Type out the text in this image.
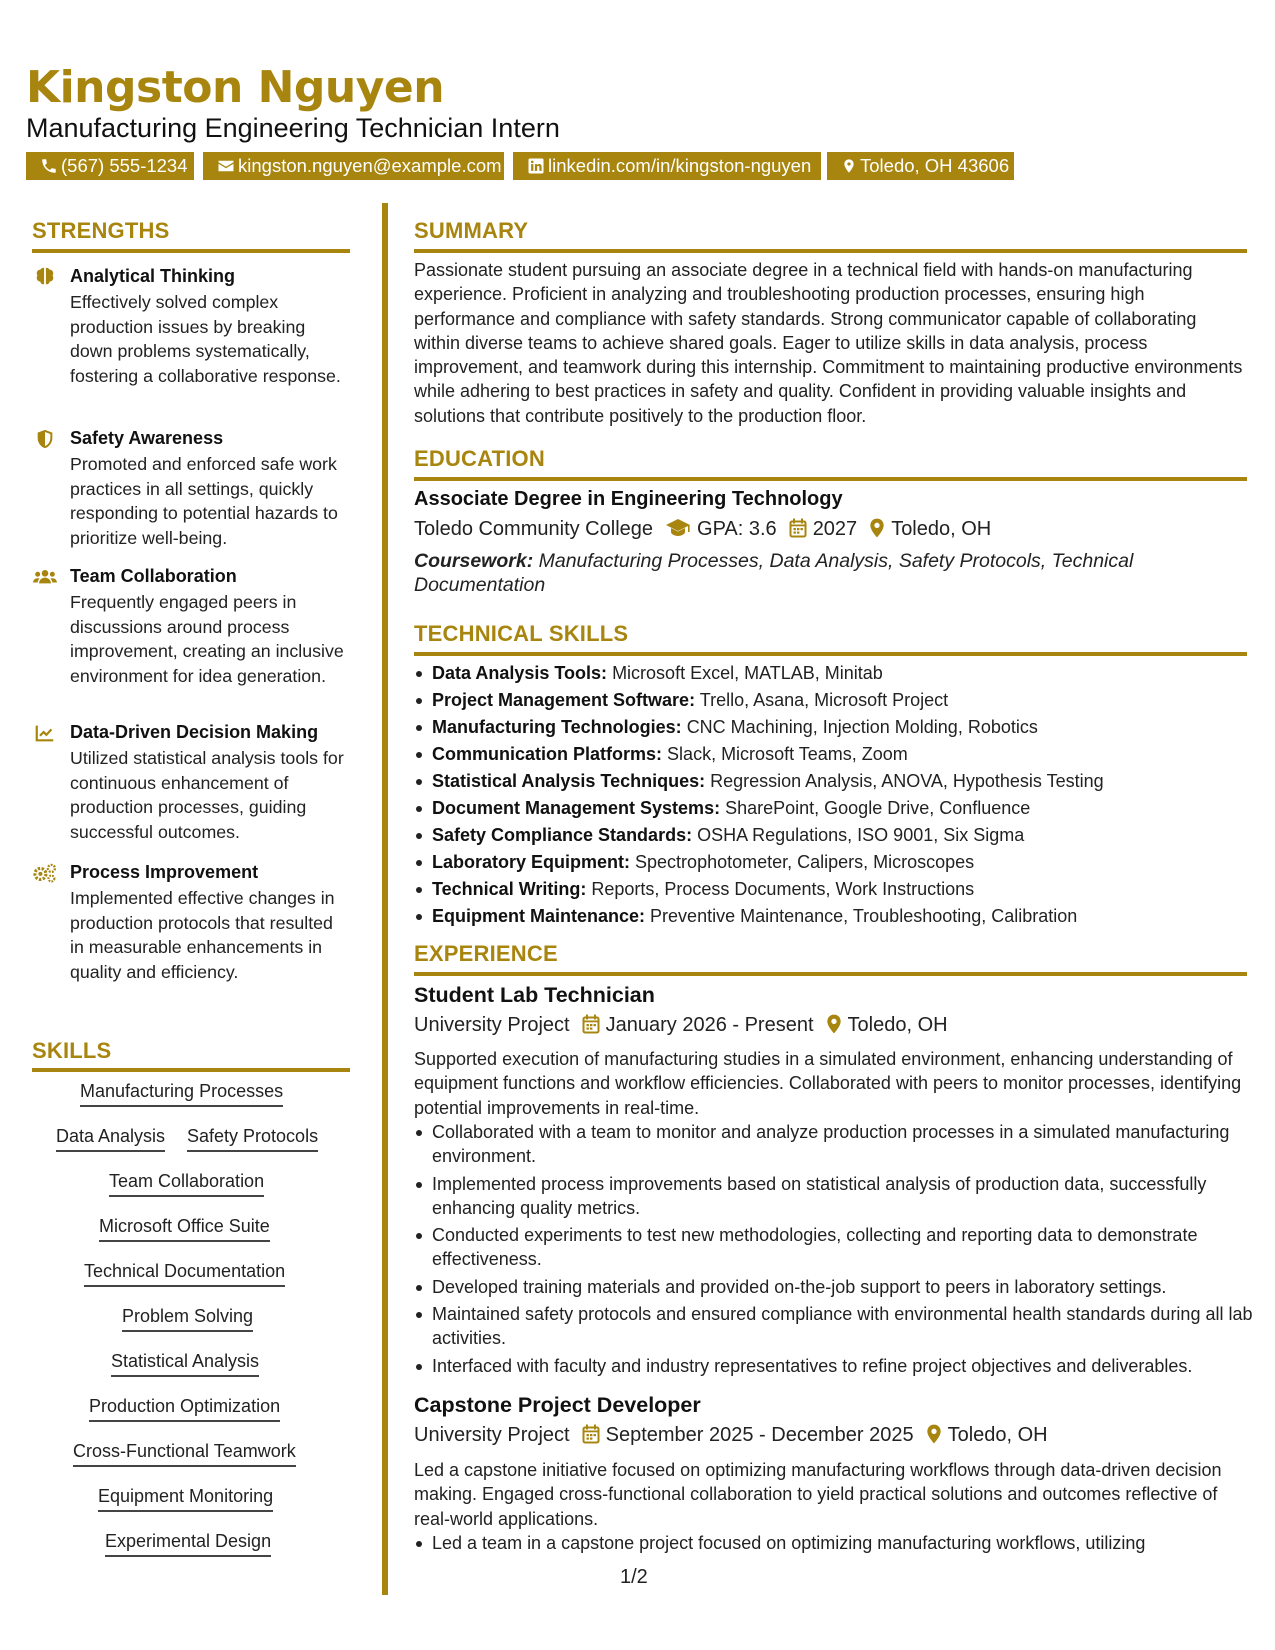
Kingston Nguyen
Manufacturing Engineering Technician Intern
(567) 555-1234	kingston.nguyen@example.com	linkedin.com/in/kingston-nguyen	Toledo, OH 43606
STRENGTHS
Analytical Thinking
Effectively solved complex production issues by breaking down problems systematically, fostering a collaborative response.
Safety Awareness
Promoted and enforced safe work practices in all settings, quickly responding to potential hazards to prioritize well-being.
Team Collaboration
Frequently engaged peers in discussions around process improvement, creating an inclusive environment for idea generation.
Data-Driven Decision Making
Utilized statistical analysis tools for continuous enhancement of production processes, guiding successful outcomes.
Process Improvement
Implemented effective changes in production protocols that resulted in measurable enhancements in quality and efficiency.
SKILLS
Manufacturing Processes
Data Analysis Safety Protocols
Team Collaboration
Microsoft Office Suite
Technical Documentation
Problem Solving
Statistical Analysis
Production Optimization
Cross-Functional Teamwork
Equipment Monitoring
Experimental Design
SUMMARY
Passionate student pursuing an associate degree in a technical field with hands-on manufacturing experience. Proficient in analyzing and troubleshooting production processes, ensuring high performance and compliance with safety standards. Strong communicator capable of collaborating within diverse teams to achieve shared goals. Eager to utilize skills in data analysis, process improvement, and teamwork during this internship. Commitment to maintaining productive environments while adhering to best practices in safety and quality. Confident in providing valuable insights and solutions that contribute positively to the production floor.
EDUCATION
Associate Degree in Engineering Technology
Toledo Community College GPA: 3.6 2027 Toledo, OH
Coursework: Manufacturing Processes, Data Analysis, Safety Protocols, Technical Documentation
TECHNICAL SKILLS
Data Analysis Tools: Microsoft Excel, MATLAB, Minitab
Project Management Software: Trello, Asana, Microsoft Project
Manufacturing Technologies: CNC Machining, Injection Molding, Robotics
Communication Platforms: Slack, Microsoft Teams, Zoom
Statistical Analysis Techniques: Regression Analysis, ANOVA, Hypothesis Testing
Document Management Systems: SharePoint, Google Drive, Confluence
Safety Compliance Standards: OSHA Regulations, ISO 9001, Six Sigma
Laboratory Equipment: Spectrophotometer, Calipers, Microscopes
Technical Writing: Reports, Process Documents, Work Instructions
Equipment Maintenance: Preventive Maintenance, Troubleshooting, Calibration
EXPERIENCE
Student Lab Technician
University Project January 2026 - Present Toledo, OH
Supported execution of manufacturing studies in a simulated environment, enhancing understanding of equipment functions and workflow efficiencies. Collaborated with peers to monitor processes, identifying potential improvements in real-time.
Collaborated with a team to monitor and analyze production processes in a simulated manufacturing environment.
Implemented process improvements based on statistical analysis of production data, successfully enhancing quality metrics.
Conducted experiments to test new methodologies, collecting and reporting data to demonstrate effectiveness.
Developed training materials and provided on-the-job support to peers in laboratory settings.
Maintained safety protocols and ensured compliance with environmental health standards during all lab activities.
Interfaced with faculty and industry representatives to refine project objectives and deliverables.
Capstone Project Developer
University Project September 2025 - December 2025 Toledo, OH
Led a capstone initiative focused on optimizing manufacturing workflows through data-driven decision making. Engaged cross-functional collaboration to yield practical solutions and outcomes reflective of real-world applications.
Led a team in a capstone project focused on optimizing manufacturing workflows, utilizing
1/2
